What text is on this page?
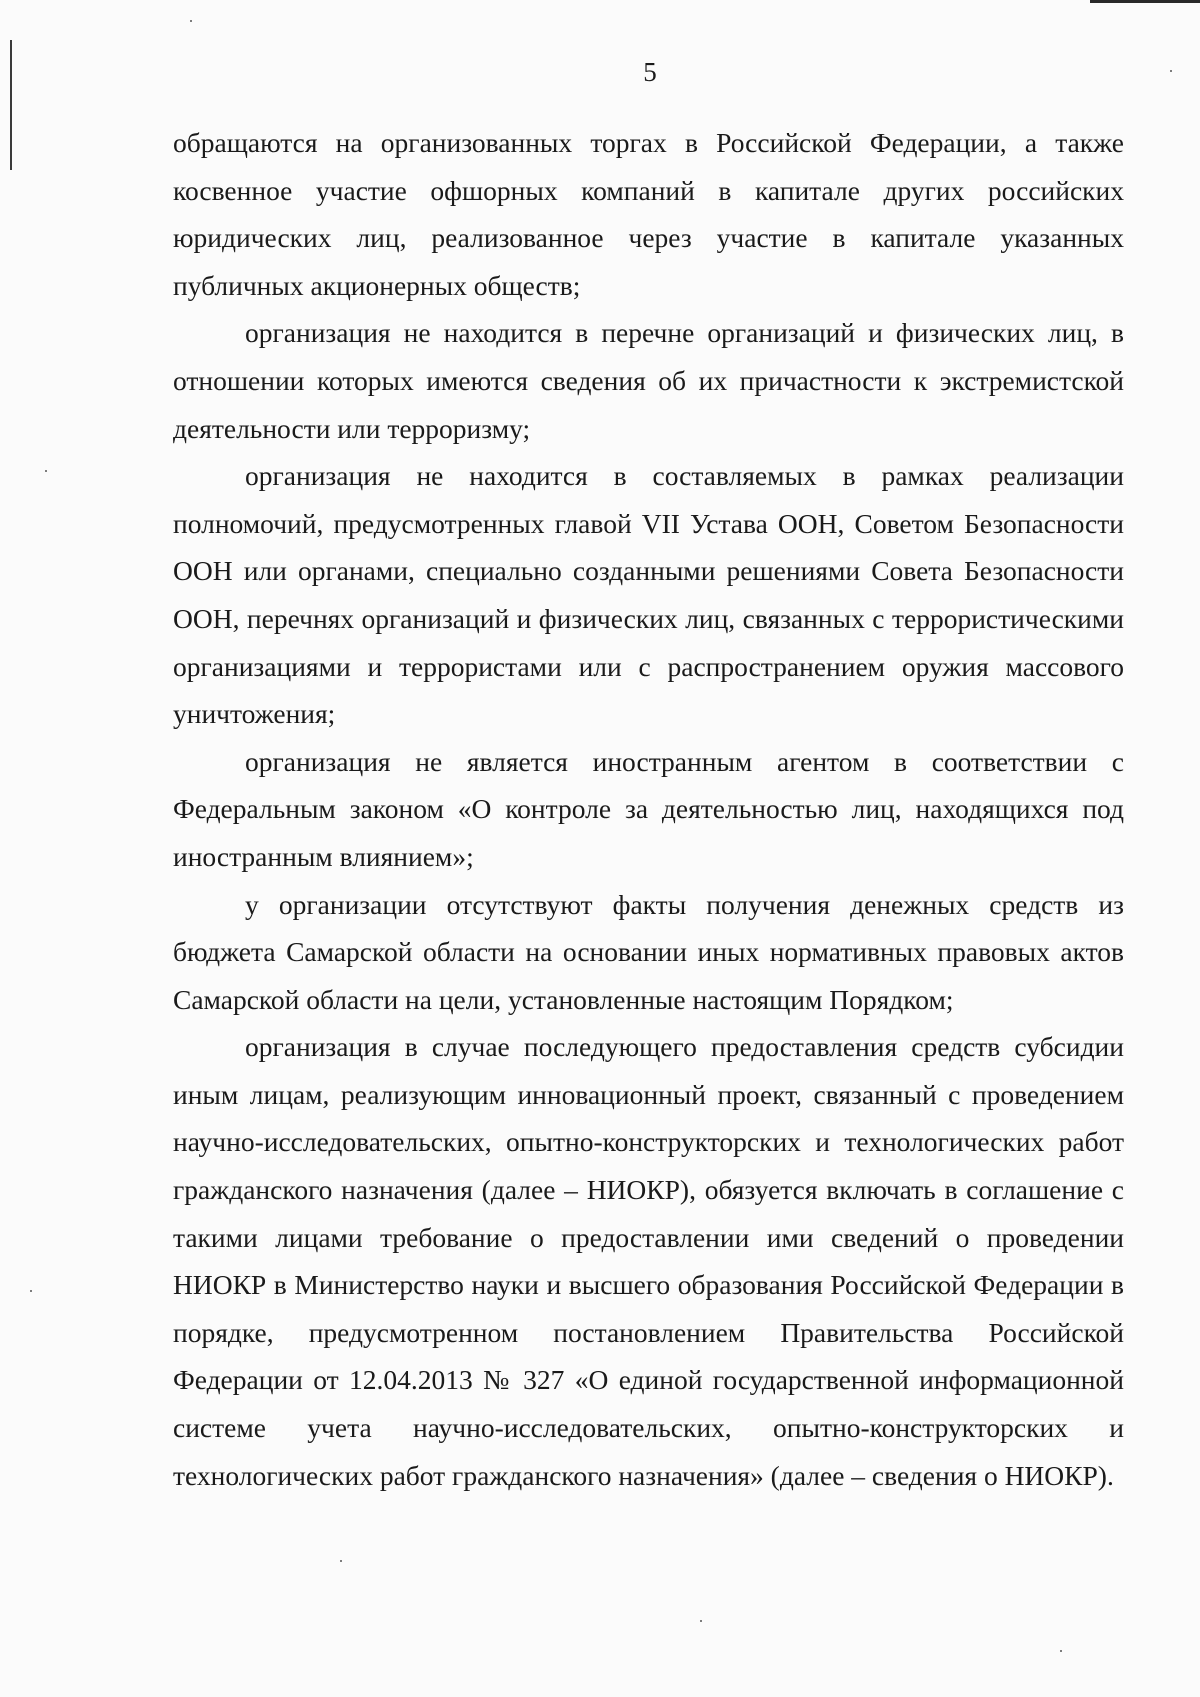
5

обращаются на организованных торгах в Российской Федерации, а также косвенное участие офшорных компаний в капитале других российских юридических лиц, реализованное через участие в капитале указанных публичных акционерных обществ;

организация не находится в перечне организаций и физических лиц, в отношении которых имеются сведения об их причастности к экстремистской деятельности или терроризму;

организация не находится в составляемых в рамках реализации полномочий, предусмотренных главой VII Устава ООН, Советом Безопасности ООН или органами, специально созданными решениями Совета Безопасности ООН, перечнях организаций и физических лиц, связанных с террористическими организациями и террористами или с распространением оружия массового уничтожения;

организация не является иностранным агентом в соответствии с Федеральным законом «О контроле за деятельностью лиц, находящихся под иностранным влиянием»;

у организации отсутствуют факты получения денежных средств из бюджета Самарской области на основании иных нормативных правовых актов Самарской области на цели, установленные настоящим Порядком;

организация в случае последующего предоставления средств субсидии иным лицам, реализующим инновационный проект, связанный с проведением научно-исследовательских, опытно-конструкторских и технологических работ гражданского назначения (далее – НИОКР), обязуется включать в соглашение с такими лицами требование о предоставлении ими сведений о проведении НИОКР в Министерство науки и высшего образования Российской Федерации в порядке, предусмотренном постановлением Правительства Российской Федерации от 12.04.2013 № 327 «О единой государственной информационной системе учета научно-исследовательских, опытно-конструкторских и технологических работ гражданского назначения» (далее – сведения о НИОКР).
